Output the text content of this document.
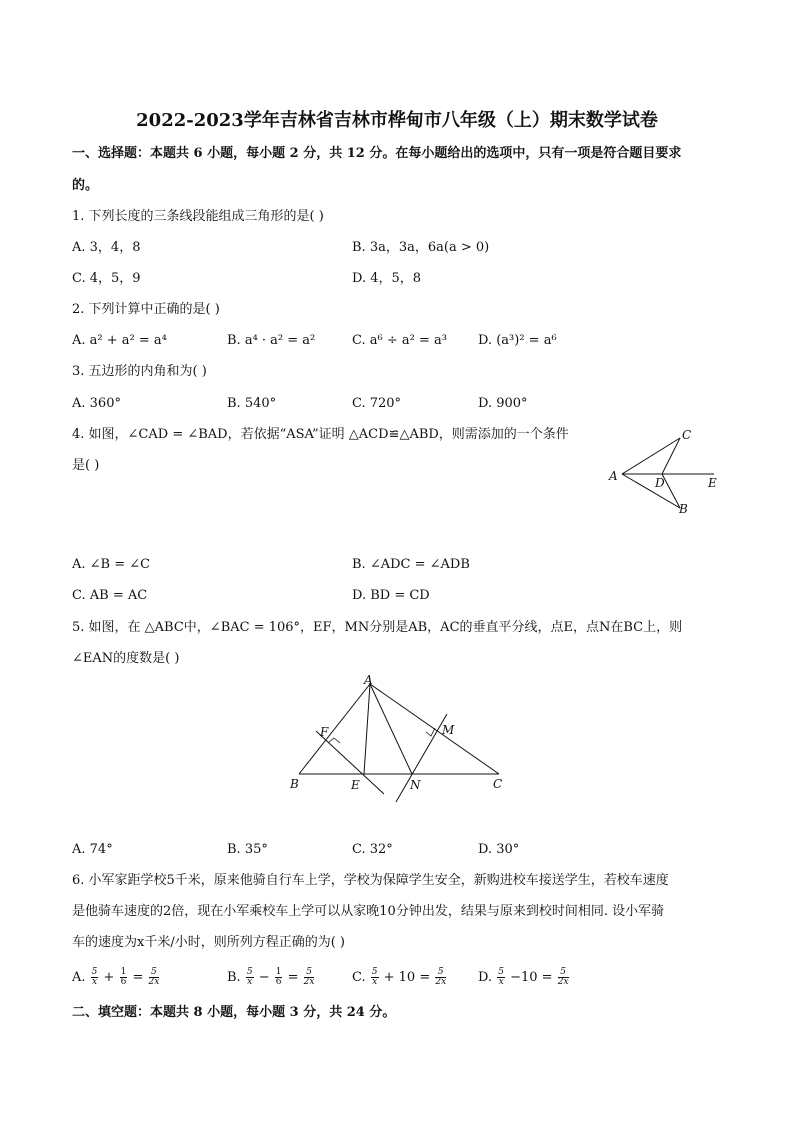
2022-2023学年吉林省吉林市桦甸市八年级（上）期末数学试卷
一、选择题：本题共 6 小题，每小题 2 分，共 12 分。在每小题给出的选项中，只有一项是符合题目要求
的。
1. 下列长度的三条线段能组成三角形的是( )
A. 3，4，8	B. 3a，3a，6a(a > 0)
C. 4，5，9	D. 4，5，8
2. 下列计算中正确的是( )
A. a² + a² = a⁴	B. a⁴ · a² = a²	C. a⁶ ÷ a² = a³ D. (a³)² = a⁶
3. 五边形的内角和为( )
A. 360°	B. 540°	C. 720°	D. 900°
4. 如图，∠CAD = ∠BAD，若依据“ASA”证明 △ACD≌△ABD，则需添加的一个条件
是( )
A
C
D	E
B
A. ∠B = ∠C	B. ∠ADC = ∠ADB
C. AB = AC	D. BD = CD
5. 如图，在 △ABC中，∠BAC = 106°，EF，MN分别是AB，AC的垂直平分线，点E，点N在BC上，则
∠EAN的度数是( )
A
F	M
B	E	N	C
A. 74°	B. 35°	C. 32°	D. 30°
6. 小军家距学校5千米，原来他骑自行车上学，学校为保障学生安全，新购进校车接送学生，若校车速度
是他骑车速度的2倍，现在小军乘校车上学可以从家晚10分钟出发，结果与原来到校时间相同. 设小军骑
车的速度为x千米/小时，则所列方程正确的为( )
A. $\frac{5}{x} + \frac{1}{6} = \frac{5}{2x}$	B. $\frac{5}{x} - \frac{1}{6} = \frac{5}{2x}$	C. $\frac{5}{x} + 10 = \frac{5}{2x} D$. $\frac{5}{x} -10 = \frac{5}{2x}$
二、填空题：本题共 8 小题，每小题 3 分，共 24 分。
